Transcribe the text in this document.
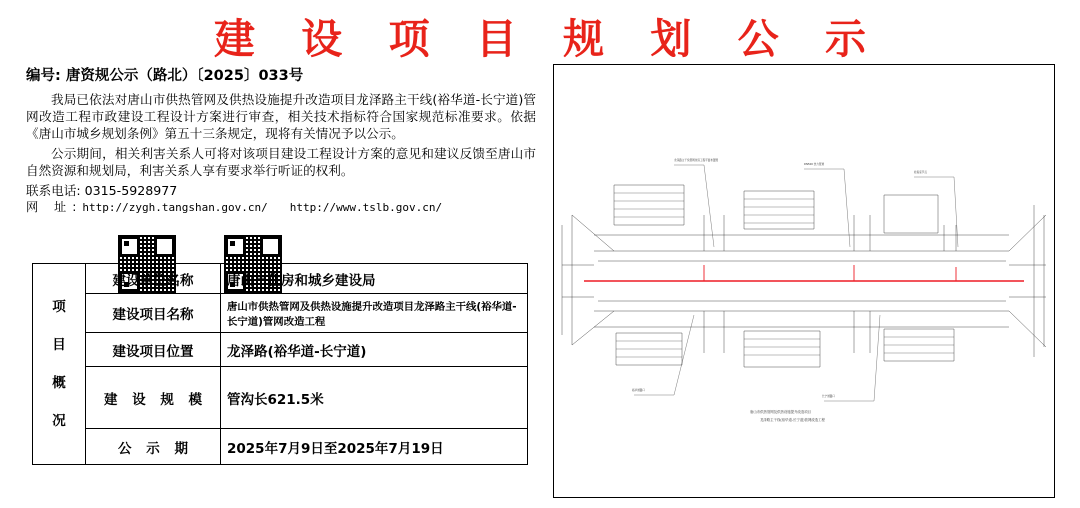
建 设 项 目 规 划 公 示
编号: 唐资规公示（路北）〔2025〕033号
我局已依法对唐山市供热管网及供热设施提升改造项目龙泽路主干线(裕华道-长宁道)管网改造工程市政建设工程设计方案进行审查，相关技术指标符合国家规范标准要求。依据《唐山市城乡规划条例》第五十三条规定，现将有关情况予以公示。
公示期间，相关利害关系人可将对该项目建设工程设计方案的意见和建议反馈至唐山市自然资源和规划局，利害关系人享有要求举行听证的权利。
联系电话: 0315-5928977
网 址:http://zygh.tangshan.gov.cn/ http://www.tslb.gov.cn/
项
目
概
况	建设单位名称	唐山市住房和城乡建设局
	建设项目名称	唐山市供热管网及供热设施提升改造项目龙泽路主干线(裕华道-长宁道)管网改造工程
	建设项目位置	龙泽路(裕华道-长宁道)
	建 设 规 模	管沟长621.5米
	公 示 期	2025年7月9日至2025年7月19日
龙泽路主干线管网改造工程平面布置图
DN500 热力管道
检查室节点
裕华道路口
长宁道路口
唐山市供热管网及供热设施提升改造项目
龙泽路主干线(裕华道-长宁道)管网改造工程
